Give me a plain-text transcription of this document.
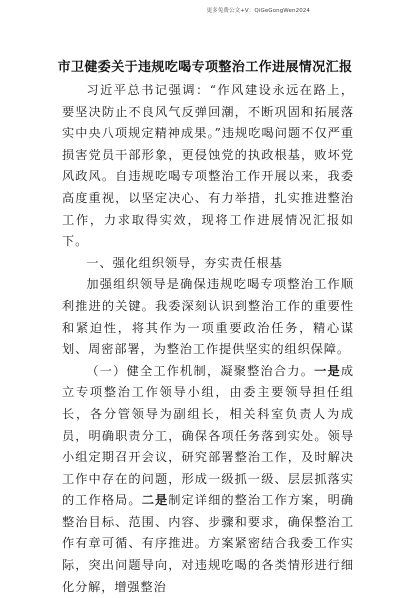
更多免费公文+V：QiGeGongWen2024
市卫健委关于违规吃喝专项整治工作进展情况汇报

习近平总书记强调：“作风建设永远在路上，要坚决防止不良风气反弹回潮，不断巩固和拓展落实中央八项规定精神成果。”违规吃喝问题不仅严重损害党员干部形象，更侵蚀党的执政根基，败坏党风政风。自违规吃喝专项整治工作开展以来，我委高度重视，以坚定决心、有力举措，扎实推进整治工作，力求取得实效，现将工作进展情况汇报如下。

一、强化组织领导，夯实责任根基

加强组织领导是确保违规吃喝专项整治工作顺利推进的关键。我委深刻认识到整治工作的重要性和紧迫性，将其作为一项重要政治任务，精心谋划、周密部署，为整治工作提供坚实的组织保障。

（一）健全工作机制，凝聚整治合力。一是成立专项整治工作领导小组，由委主要领导担任组长，各分管领导为副组长，相关科室负责人为成员，明确职责分工，确保各项任务落到实处。领导小组定期召开会议，研究部署整治工作，及时解决工作中存在的问题，形成一级抓一级、层层抓落实的工作格局。二是制定详细的整治工作方案，明确整治目标、范围、内容、步骤和要求，确保整治工作有章可循、有序推进。方案紧密结合我委工作实际，突出问题导向，对违规吃喝的各类情形进行细化分解，增强整治
